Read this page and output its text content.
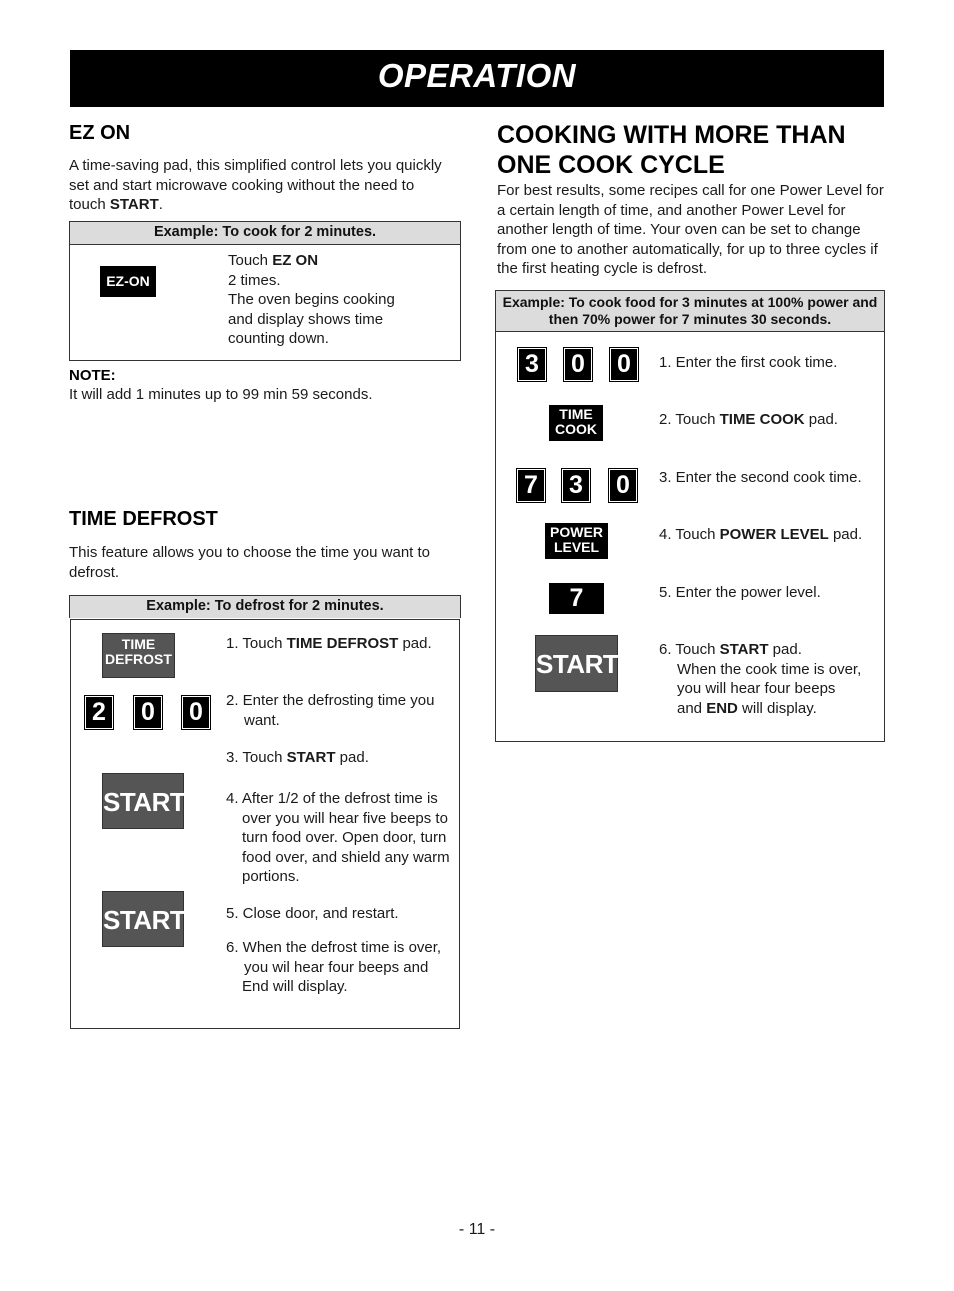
OPERATION
EZ ON
A time-saving pad, this simplified control lets you quickly set and start microwave cooking without the need to touch START.
Example: To cook for 2 minutes.
EZ-ON
Touch EZ ON
2 times.
The oven begins cooking
and display shows time
counting down.
NOTE:
It will add 1 minutes up to 99 min 59 seconds.
TIME DEFROST
This feature allows you to choose the time you want to defrost.
Example: To defrost for 2 minutes.
TIME
DEFROST
2 0 0
START
START
1. Touch TIME DEFROST pad.
2. Enter the defrosting time you
want.
3. Touch START pad.
4. After 1/2 of the defrost time is
over you will hear five beeps to
turn food over. Open door, turn
food over, and shield any warm
portions.
5. Close door, and restart.
6. When the defrost time is over,
you wil hear four beeps and
End will display.
COOKING WITH MORE THAN
ONE COOK CYCLE
For best results, some recipes call for one Power Level for a certain length of time, and another Power Level for another length of time. Your oven can be set to change from one to another automatically, for up to three cycles if the first heating cycle is defrost.
Example: To cook food for 3 minutes at 100% power and
then 70% power for 7 minutes 30 seconds.
3 0 0
TIME
COOK
7 3 0
POWER
LEVEL
7
START
1. Enter the first cook time.
2. Touch TIME COOK pad.
3. Enter the second cook time.
4. Touch POWER LEVEL pad.
5. Enter the power level.
6. Touch START pad.
When the cook time is over,
you will hear four beeps
and END will display.
- 11 -
